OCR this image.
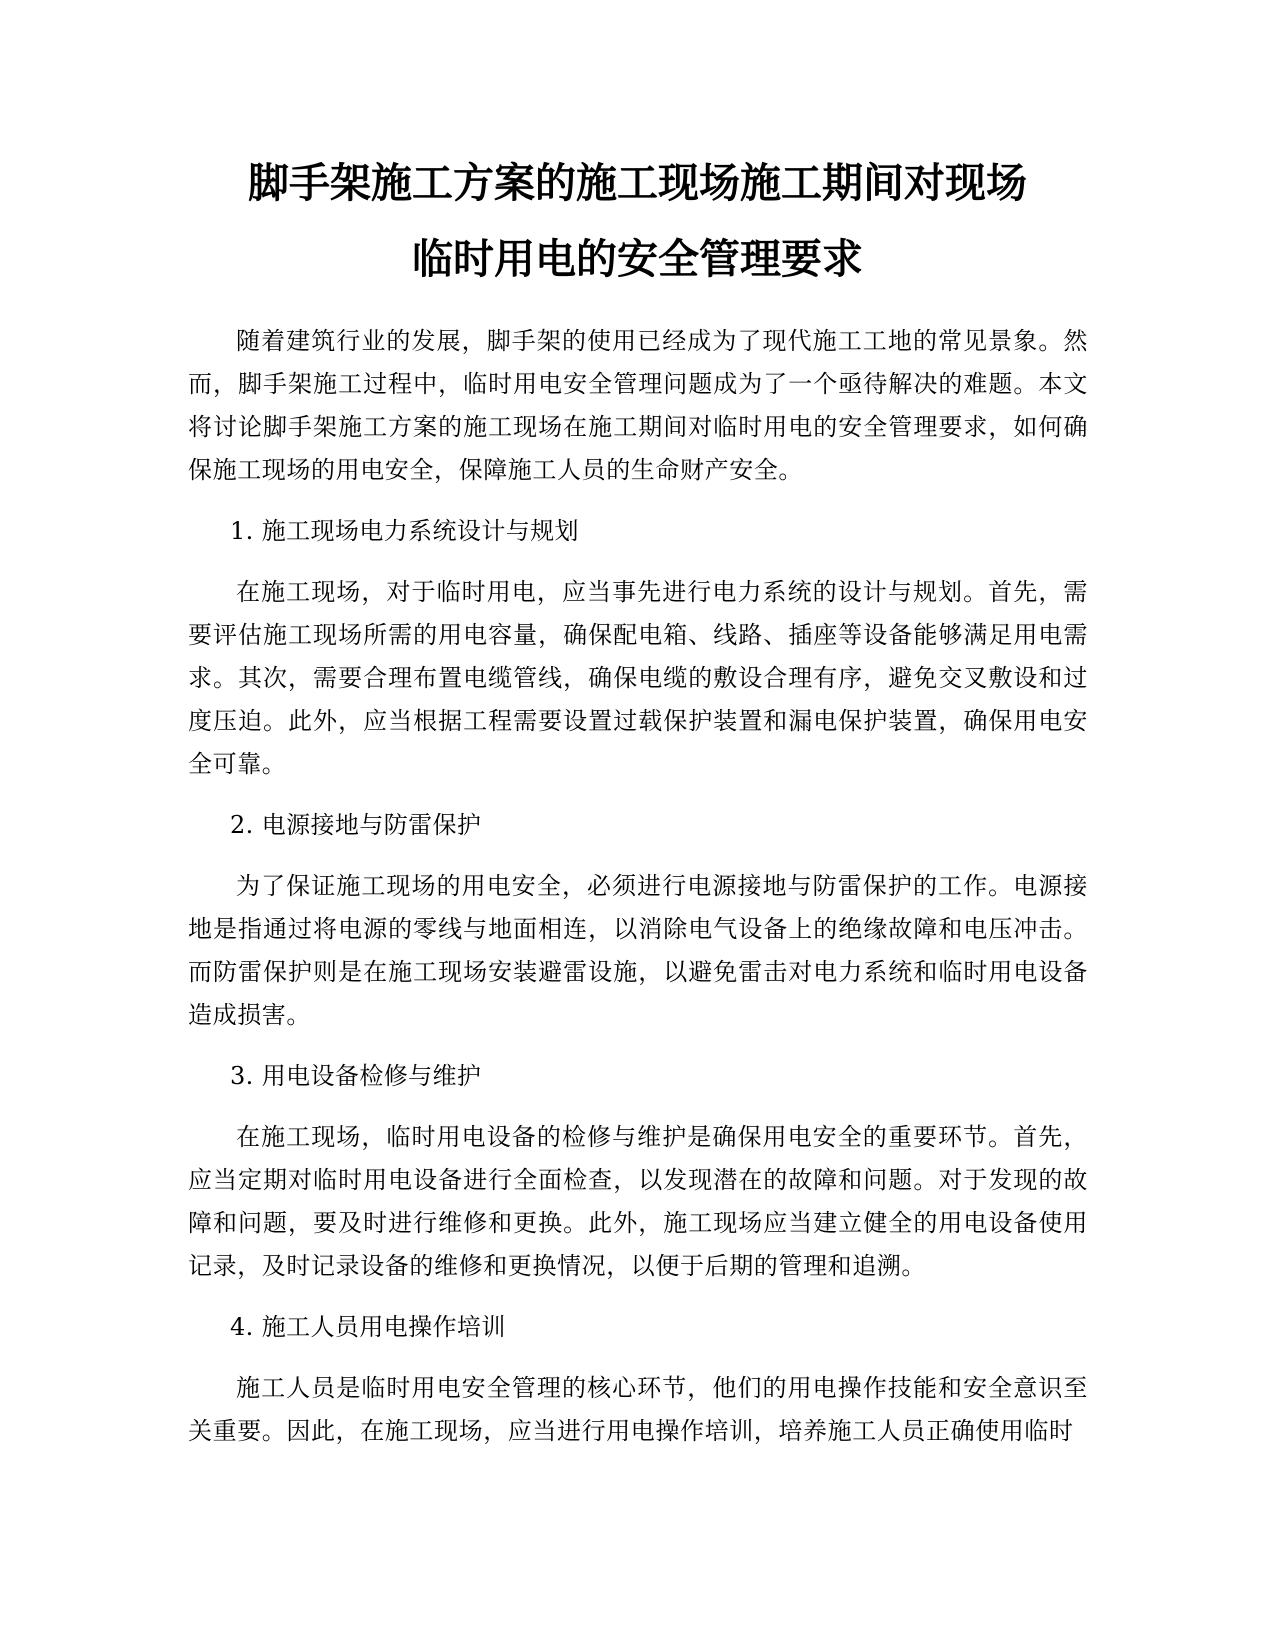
脚手架施工方案的施工现场施工期间对现场
临时用电的安全管理要求

随着建筑行业的发展，脚手架的使用已经成为了现代施工工地的常见景象。然而，脚手架施工过程中，临时用电安全管理问题成为了一个亟待解决的难题。本文将讨论脚手架施工方案的施工现场在施工期间对临时用电的安全管理要求，如何确保施工现场的用电安全，保障施工人员的生命财产安全。

1. 施工现场电力系统设计与规划

在施工现场，对于临时用电，应当事先进行电力系统的设计与规划。首先，需要评估施工现场所需的用电容量，确保配电箱、线路、插座等设备能够满足用电需求。其次，需要合理布置电缆管线，确保电缆的敷设合理有序，避免交叉敷设和过度压迫。此外，应当根据工程需要设置过载保护装置和漏电保护装置，确保用电安全可靠。

2. 电源接地与防雷保护

为了保证施工现场的用电安全，必须进行电源接地与防雷保护的工作。电源接地是指通过将电源的零线与地面相连，以消除电气设备上的绝缘故障和电压冲击。而防雷保护则是在施工现场安装避雷设施，以避免雷击对电力系统和临时用电设备造成损害。

3. 用电设备检修与维护

在施工现场，临时用电设备的检修与维护是确保用电安全的重要环节。首先，应当定期对临时用电设备进行全面检查，以发现潜在的故障和问题。对于发现的故障和问题，要及时进行维修和更换。此外，施工现场应当建立健全的用电设备使用记录，及时记录设备的维修和更换情况，以便于后期的管理和追溯。

4. 施工人员用电操作培训

施工人员是临时用电安全管理的核心环节，他们的用电操作技能和安全意识至关重要。因此，在施工现场，应当进行用电操作培训，培养施工人员正确使用临时
